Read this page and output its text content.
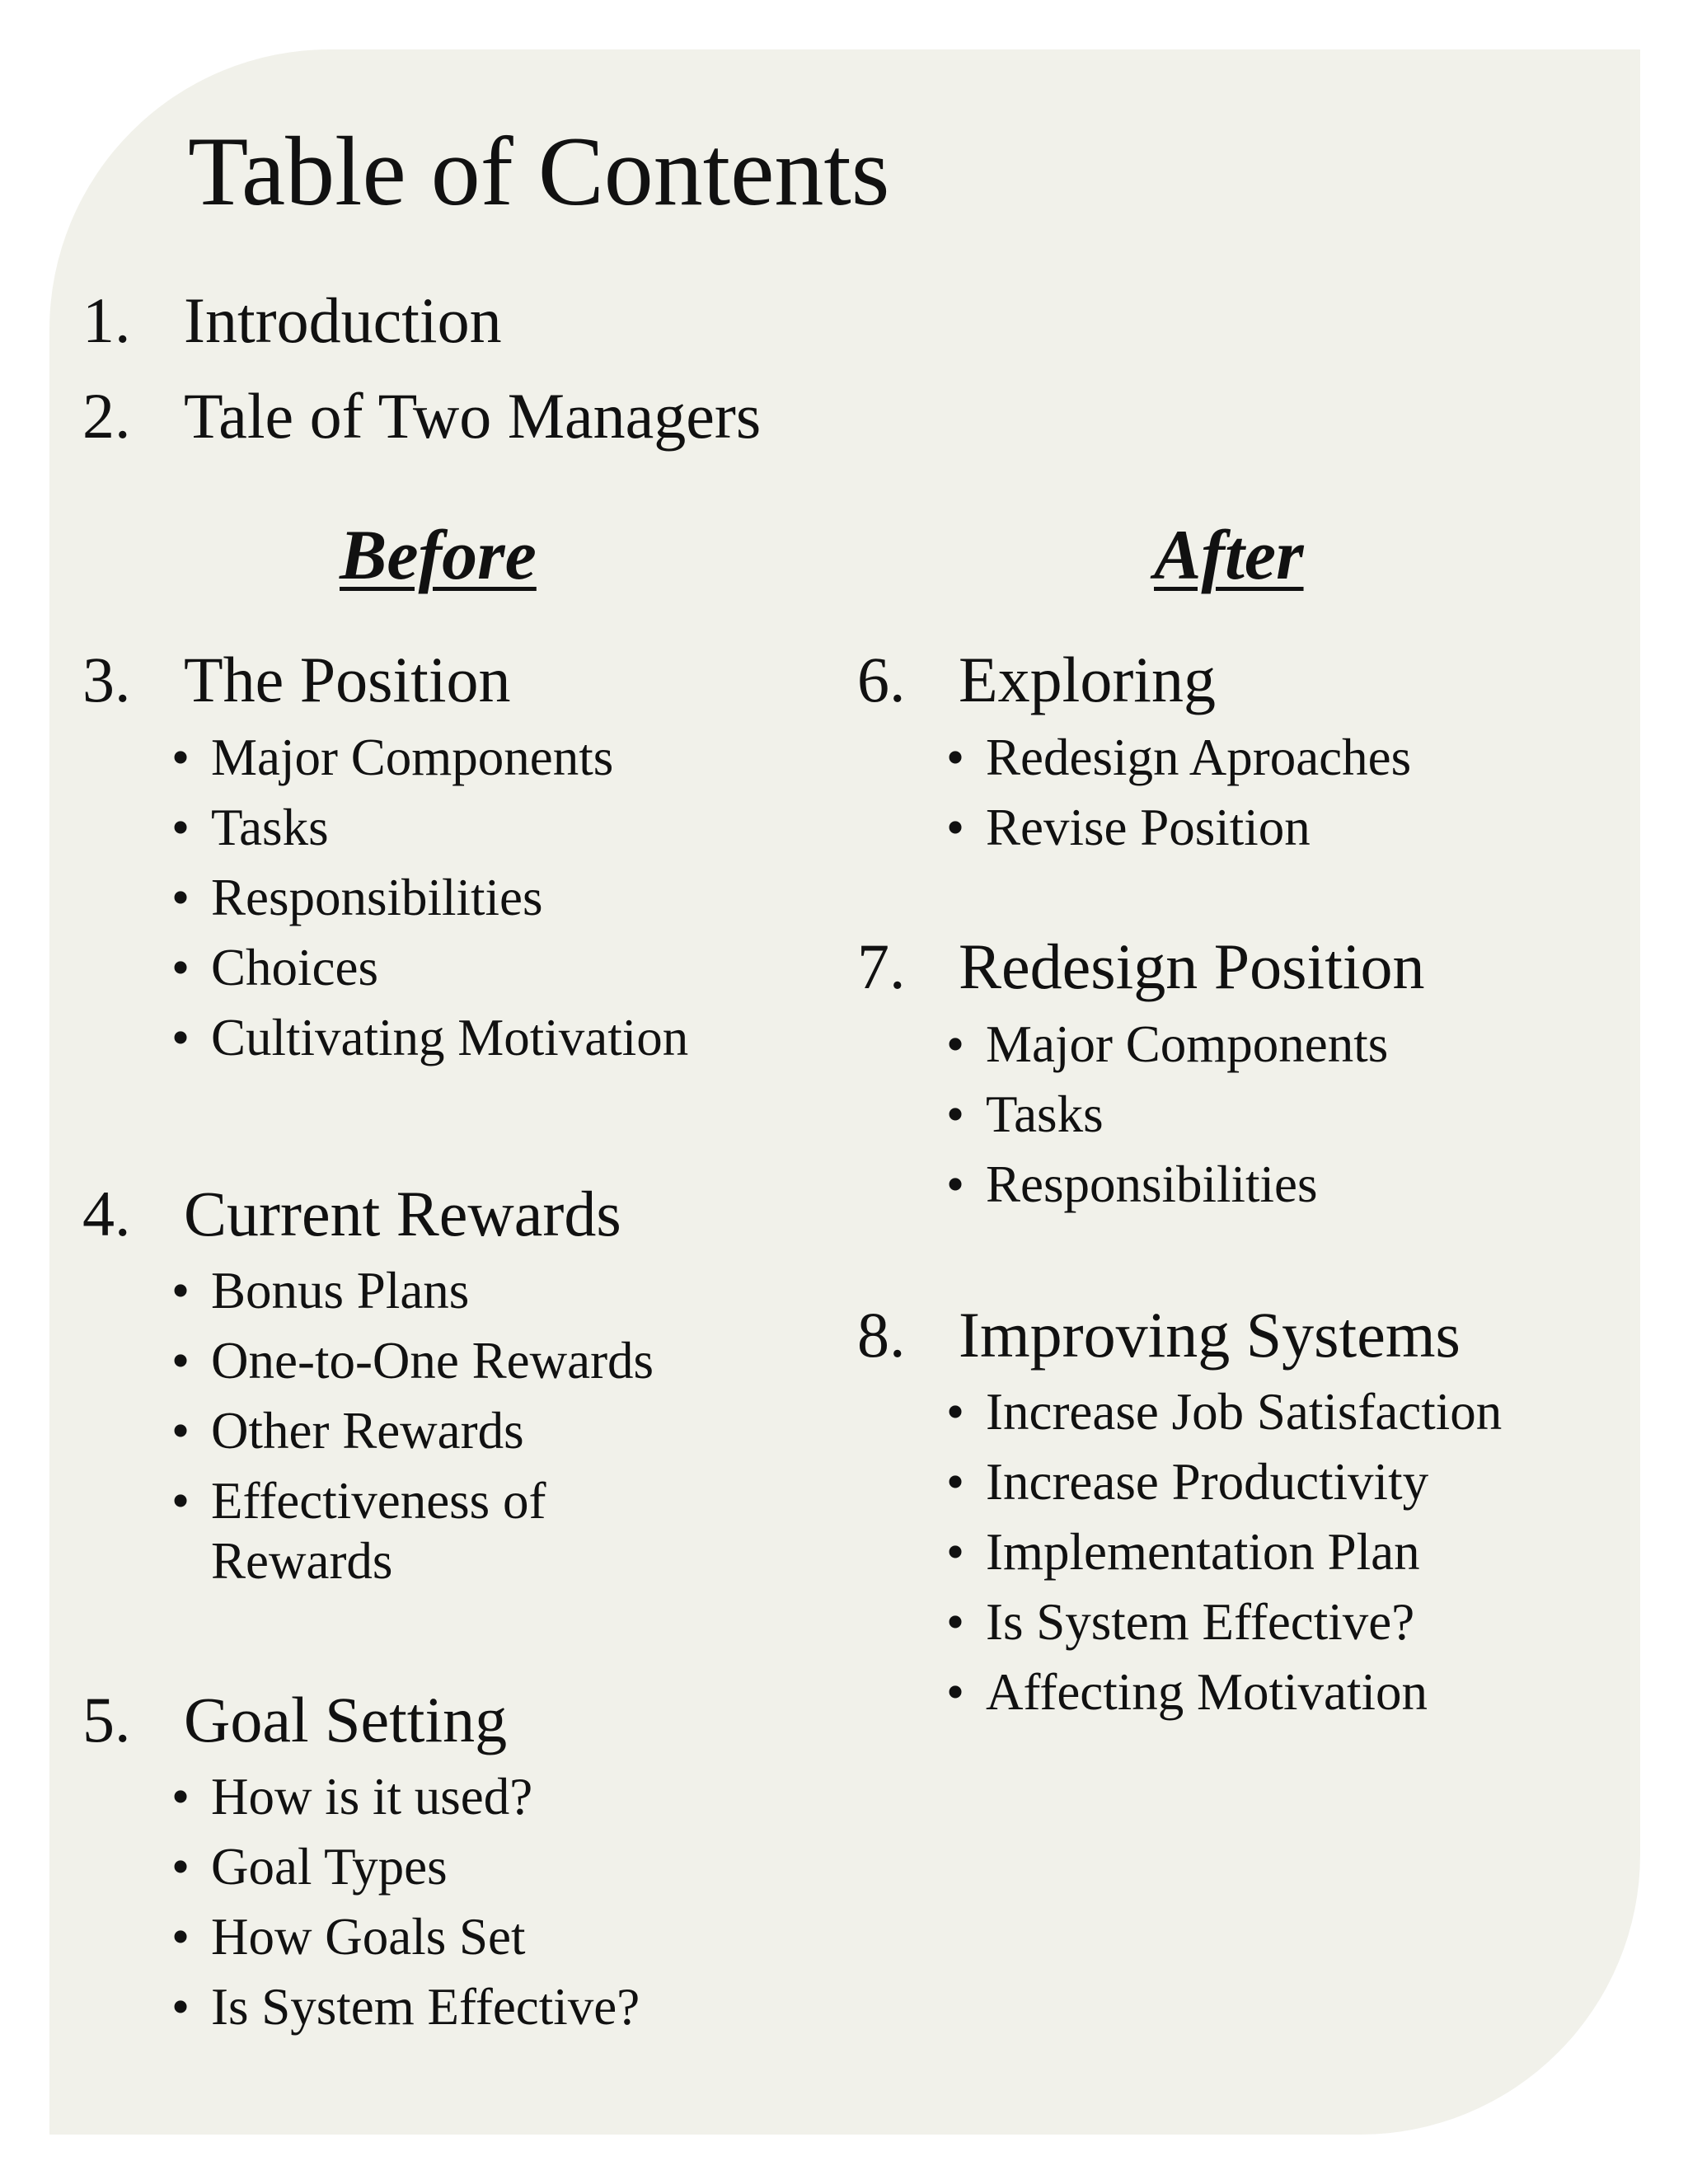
Table of Contents
1. Introduction
2. Tale of Two Managers
Before	After
3. The Position
• Major Components
• Tasks
• Responsibilities
• Choices
• Cultivating Motivation
4. Current Rewards
• Bonus Plans
• One-to-One Rewards
• Other Rewards
• Effectiveness of
Rewards
5. Goal Setting
• How is it used?
• Goal Types
• How Goals Set
• Is System Effective?
6. Exploring
• Redesign Aproaches
• Revise Position
7. Redesign Position
• Major Components
• Tasks
• Responsibilities
8. Improving Systems
• Increase Job Satisfaction
• Increase Productivity
• Implementation Plan
• Is System Effective?
• Affecting Motivation
